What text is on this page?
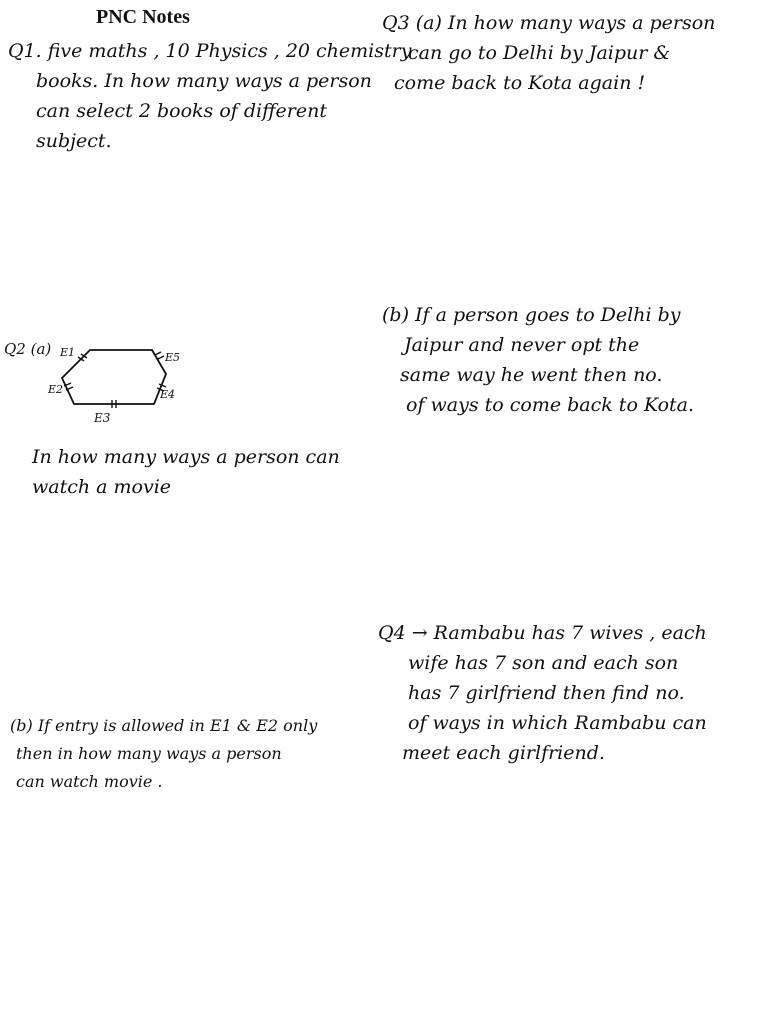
PNC Notes
Q1. five maths , 10 Physics , 20 chemistry
books. In how many ways a person
can select 2 books of different
subject.
Q3 (a) In how many ways a person
can go to Delhi by Jaipur &
come back to Kota again !
Q2 (a) E1	E5
E2	E4
E3
In how many ways a person can
watch a movie
(b) If a person goes to Delhi by
Jaipur and never opt the
same way he went then no.
of ways to come back to Kota.
Q4 → Rambabu has 7 wives , each
wife has 7 son and each son
has 7 girlfriend then find no.
of ways in which Rambabu can
meet each girlfriend.
(b) If entry is allowed in E1 & E2 only
then in how many ways a person
can watch movie .
